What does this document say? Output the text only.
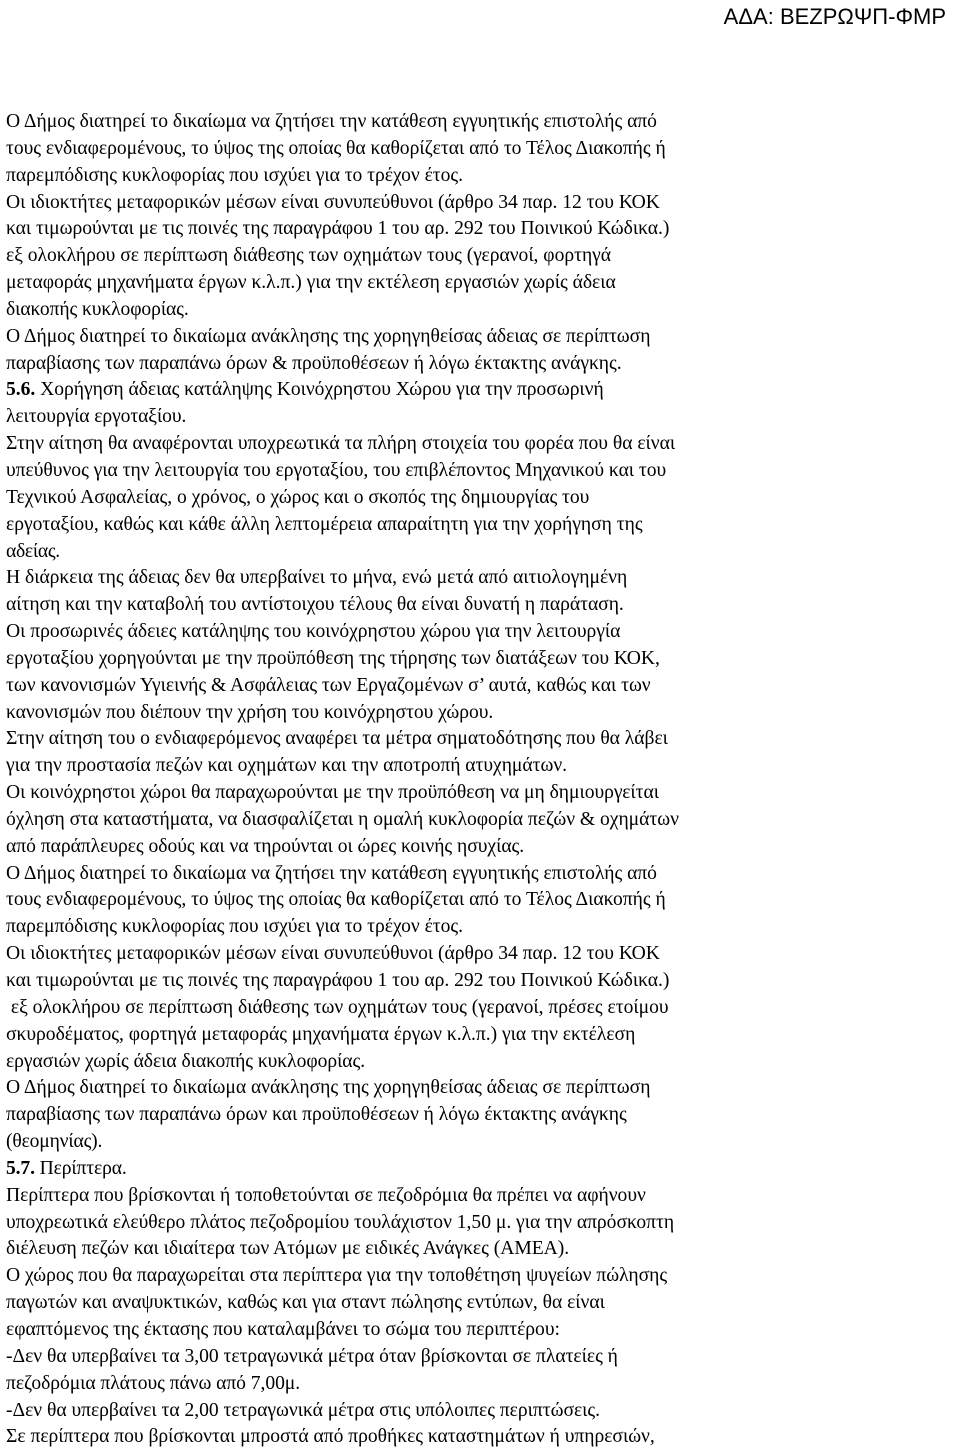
ΑΔΑ: ΒΕΖΡΩΨΠ-ΦΜΡ
Ο Δήμος διατηρεί το δικαίωμα να ζητήσει την κατάθεση εγγυητικής επιστολής από
τους ενδιαφερομένους, το ύψος της οποίας θα καθορίζεται από το Τέλος Διακοπής ή
παρεμπόδισης κυκλοφορίας που ισχύει για το τρέχον έτος.
Οι ιδιοκτήτες μεταφορικών μέσων είναι συνυπεύθυνοι (άρθρο 34 παρ. 12 του ΚΟΚ
και τιμωρούνται με τις ποινές της παραγράφου 1 του αρ. 292 του Ποινικού Κώδικα.)
εξ ολοκλήρου σε περίπτωση διάθεσης των οχημάτων τους (γερανοί, φορτηγά
μεταφοράς μηχανήματα έργων κ.λ.π.) για την εκτέλεση εργασιών χωρίς άδεια
διακοπής κυκλοφορίας.
Ο Δήμος διατηρεί το δικαίωμα ανάκλησης της χορηγηθείσας άδειας σε περίπτωση
παραβίασης των παραπάνω όρων & προϋποθέσεων ή λόγω έκτακτης ανάγκης.
5.6. Χορήγηση άδειας κατάληψης Κοινόχρηστου Χώρου για την προσωρινή
λειτουργία εργοταξίου.
Στην αίτηση θα αναφέρονται υποχρεωτικά τα πλήρη στοιχεία του φορέα που θα είναι
υπεύθυνος για την λειτουργία του εργοταξίου, του επιβλέποντος Μηχανικού και του
Τεχνικού Ασφαλείας, ο χρόνος, ο χώρος και ο σκοπός της δημιουργίας του
εργοταξίου, καθώς και κάθε άλλη λεπτομέρεια απαραίτητη για την χορήγηση της
αδείας.
Η διάρκεια της άδειας δεν θα υπερβαίνει το μήνα, ενώ μετά από αιτιολογημένη
αίτηση και την καταβολή του αντίστοιχου τέλους θα είναι δυνατή η παράταση.
Οι προσωρινές άδειες κατάληψης του κοινόχρηστου χώρου για την λειτουργία
εργοταξίου χορηγούνται με την προϋπόθεση της τήρησης των διατάξεων του ΚΟΚ,
των κανονισμών Υγιεινής & Ασφάλειας των Εργαζομένων σ’ αυτά, καθώς και των
κανονισμών που διέπουν την χρήση του κοινόχρηστου χώρου.
Στην αίτηση του ο ενδιαφερόμενος αναφέρει τα μέτρα σηματοδότησης που θα λάβει
για την προστασία πεζών και οχημάτων και την αποτροπή ατυχημάτων.
Οι κοινόχρηστοι χώροι θα παραχωρούνται με την προϋπόθεση να μη δημιουργείται
όχληση στα καταστήματα, να διασφαλίζεται η ομαλή κυκλοφορία πεζών & οχημάτων
από παράπλευρες οδούς και να τηρούνται οι ώρες κοινής ησυχίας.
Ο Δήμος διατηρεί το δικαίωμα να ζητήσει την κατάθεση εγγυητικής επιστολής από
τους ενδιαφερομένους, το ύψος της οποίας θα καθορίζεται από το Τέλος Διακοπής ή
παρεμπόδισης κυκλοφορίας που ισχύει για το τρέχον έτος.
Οι ιδιοκτήτες μεταφορικών μέσων είναι συνυπεύθυνοι (άρθρο 34 παρ. 12 του ΚΟΚ
και τιμωρούνται με τις ποινές της παραγράφου 1 του αρ. 292 του Ποινικού Κώδικα.)
εξ ολοκλήρου σε περίπτωση διάθεσης των οχημάτων τους (γερανοί, πρέσες ετοίμου
σκυροδέματος, φορτηγά μεταφοράς μηχανήματα έργων κ.λ.π.) για την εκτέλεση
εργασιών χωρίς άδεια διακοπής κυκλοφορίας.
Ο Δήμος διατηρεί το δικαίωμα ανάκλησης της χορηγηθείσας άδειας σε περίπτωση
παραβίασης των παραπάνω όρων και προϋποθέσεων ή λόγω έκτακτης ανάγκης
(θεομηνίας).
5.7. Περίπτερα.
Περίπτερα που βρίσκονται ή τοποθετούνται σε πεζοδρόμια θα πρέπει να αφήνουν
υποχρεωτικά ελεύθερο πλάτος πεζοδρομίου τουλάχιστον 1,50 μ. για την απρόσκοπτη
διέλευση πεζών και ιδιαίτερα των Ατόμων με ειδικές Ανάγκες (ΑΜΕΑ).
Ο χώρος που θα παραχωρείται στα περίπτερα για την τοποθέτηση ψυγείων πώλησης
παγωτών και αναψυκτικών, καθώς και για σταντ πώλησης εντύπων, θα είναι
εφαπτόμενος της έκτασης που καταλαμβάνει το σώμα του περιπτέρου:
-Δεν θα υπερβαίνει τα 3,00 τετραγωνικά μέτρα όταν βρίσκονται σε πλατείες ή
πεζοδρόμια πλάτους πάνω από 7,00μ.
-Δεν θα υπερβαίνει τα 2,00 τετραγωνικά μέτρα στις υπόλοιπες περιπτώσεις.
Σε περίπτερα που βρίσκονται μπροστά από προθήκες καταστημάτων ή υπηρεσιών,
